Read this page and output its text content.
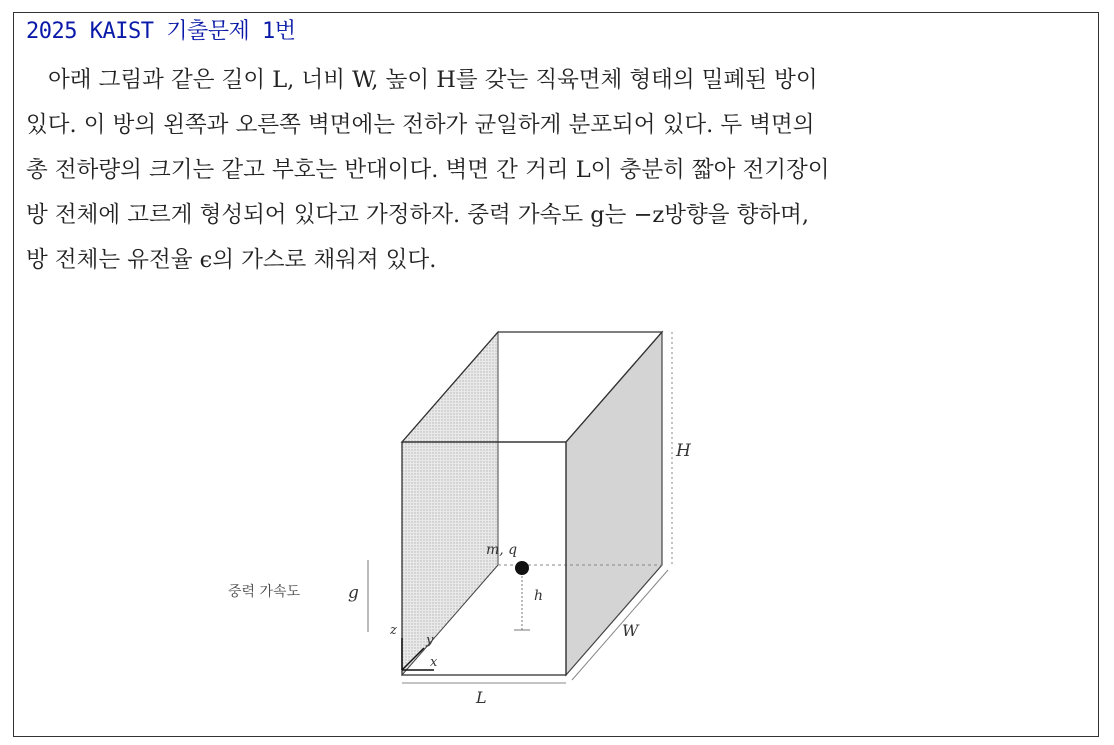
2025 KAIST 기출문제 1번
아래 그림과 같은 길이 L, 너비 W, 높이 H를 갖는 직육면체 형태의 밀폐된 방이
있다. 이 방의 왼쪽과 오른쪽 벽면에는 전하가 균일하게 분포되어 있다. 두 벽면의
총 전하량의 크기는 같고 부호는 반대이다. 벽면 간 거리 L이 충분히 짧아 전기장이
방 전체에 고르게 형성되어 있다고 가정하자. 중력 가속도 g는 −z방향을 향하며,
방 전체는 유전율 ϵ의 가스로 채워져 있다.
m, q
h
H
W
L
z
y
x
중력 가속도	g
